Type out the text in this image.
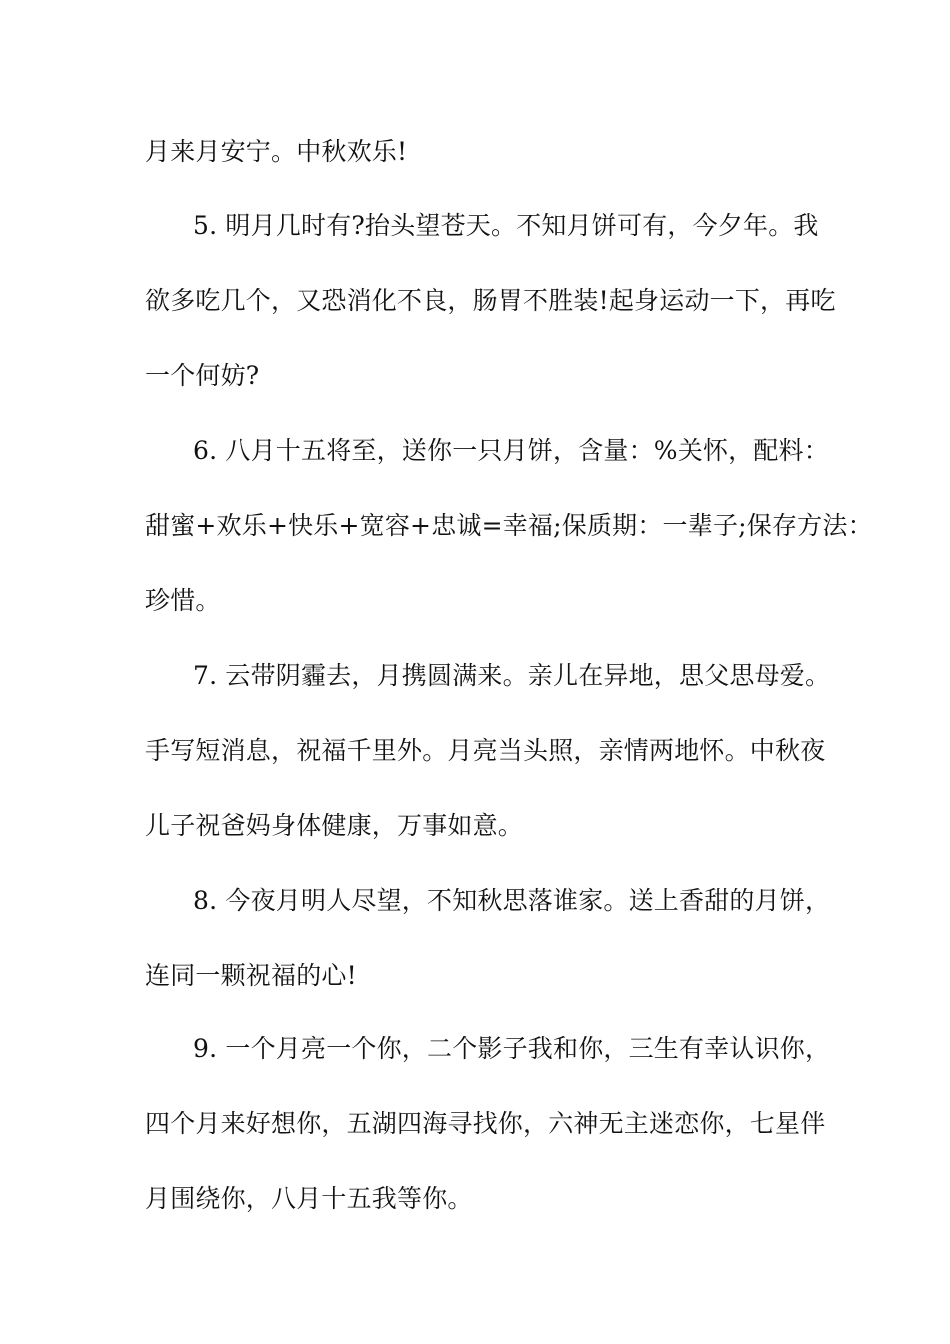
月来月安宁。中秋欢乐!

5. 明月几时有?抬头望苍天。不知月饼可有，今夕年。我

欲多吃几个，又恐消化不良，肠胃不胜装!起身运动一下，再吃

一个何妨?

6. 八月十五将至，送你一只月饼，含量：%关怀，配料：

甜蜜+欢乐+快乐+宽容+忠诚=幸福;保质期：一辈子;保存方法：

珍惜。

7. 云带阴霾去，月携圆满来。亲儿在异地，思父思母爱。

手写短消息，祝福千里外。月亮当头照，亲情两地怀。中秋夜

儿子祝爸妈身体健康，万事如意。

8. 今夜月明人尽望，不知秋思落谁家。送上香甜的月饼，

连同一颗祝福的心!

9. 一个月亮一个你，二个影子我和你，三生有幸认识你，

四个月来好想你，五湖四海寻找你，六神无主迷恋你，七星伴

月围绕你，八月十五我等你。
